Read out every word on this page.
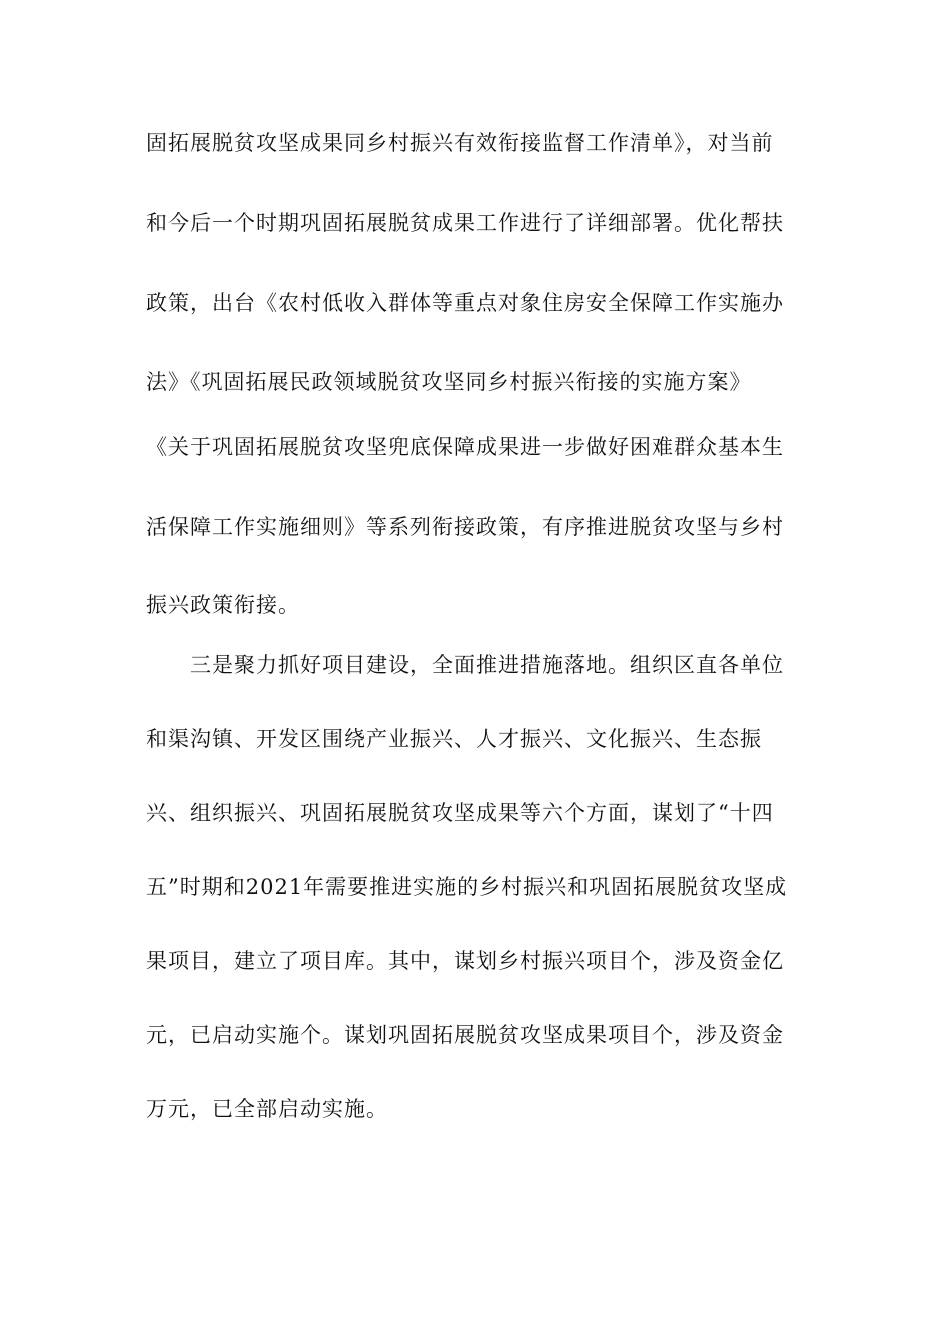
固拓展脱贫攻坚成果同乡村振兴有效衔接监督工作清单》，对当前
和今后一个时期巩固拓展脱贫成果工作进行了详细部署。优化帮扶
政策，出台《农村低收入群体等重点对象住房安全保障工作实施办
法》《巩固拓展民政领域脱贫攻坚同乡村振兴衔接的实施方案》
《关于巩固拓展脱贫攻坚兜底保障成果进一步做好困难群众基本生
活保障工作实施细则》等系列衔接政策，有序推进脱贫攻坚与乡村
振兴政策衔接。
三是聚力抓好项目建设，全面推进措施落地。组织区直各单位
和渠沟镇、开发区围绕产业振兴、人才振兴、文化振兴、生态振
兴、组织振兴、巩固拓展脱贫攻坚成果等六个方面，谋划了“十四
五”时期和2021年需要推进实施的乡村振兴和巩固拓展脱贫攻坚成
果项目，建立了项目库。其中，谋划乡村振兴项目个，涉及资金亿
元，已启动实施个。谋划巩固拓展脱贫攻坚成果项目个，涉及资金
万元，已全部启动实施。
